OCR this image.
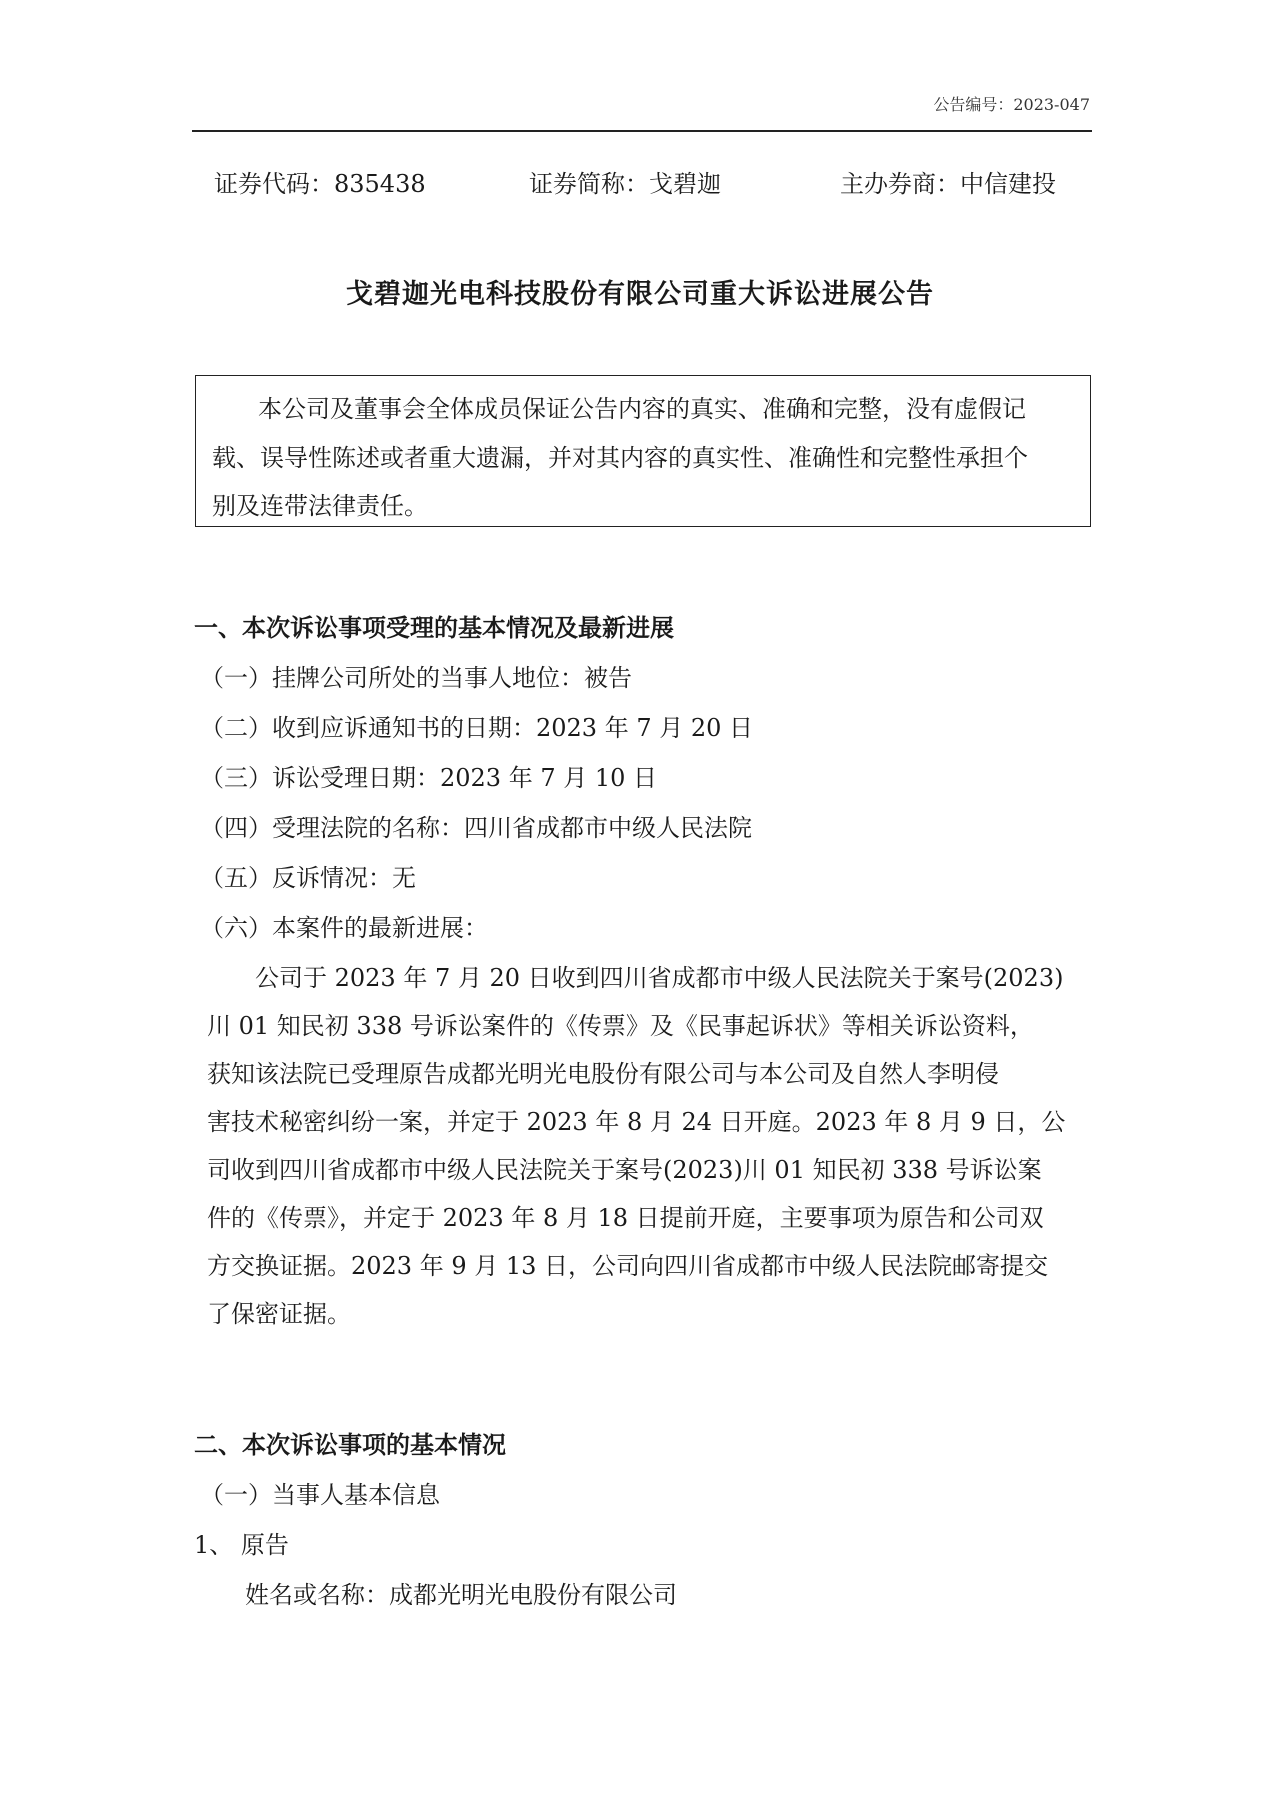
公告编号：2023-047
证券代码：835438	证券简称：戈碧迦	主办券商：中信建投
戈碧迦光电科技股份有限公司重大诉讼进展公告
本公司及董事会全体成员保证公告内容的真实、准确和完整，没有虚假记
载、误导性陈述或者重大遗漏，并对其内容的真实性、准确性和完整性承担个
别及连带法律责任。
一、本次诉讼事项受理的基本情况及最新进展
（一）挂牌公司所处的当事人地位：被告
（二）收到应诉通知书的日期：2023 年 7 月 20 日
（三）诉讼受理日期：2023 年 7 月 10 日
（四）受理法院的名称：四川省成都市中级人民法院
（五）反诉情况：无
（六）本案件的最新进展：
公司于 2023 年 7 月 20 日收到四川省成都市中级人民法院关于案号(2023)
川 01 知民初 338 号诉讼案件的《传票》及《民事起诉状》等相关诉讼资料，
获知该法院已受理原告成都光明光电股份有限公司与本公司及自然人李明侵
害技术秘密纠纷一案，并定于 2023 年 8 月 24 日开庭。2023 年 8 月 9 日，公
司收到四川省成都市中级人民法院关于案号(2023)川 01 知民初 338 号诉讼案
件的《传票》，并定于 2023 年 8 月 18 日提前开庭，主要事项为原告和公司双
方交换证据。2023 年 9 月 13 日，公司向四川省成都市中级人民法院邮寄提交
了保密证据。
二、本次诉讼事项的基本情况
（一）当事人基本信息
1、 原告
姓名或名称：成都光明光电股份有限公司
